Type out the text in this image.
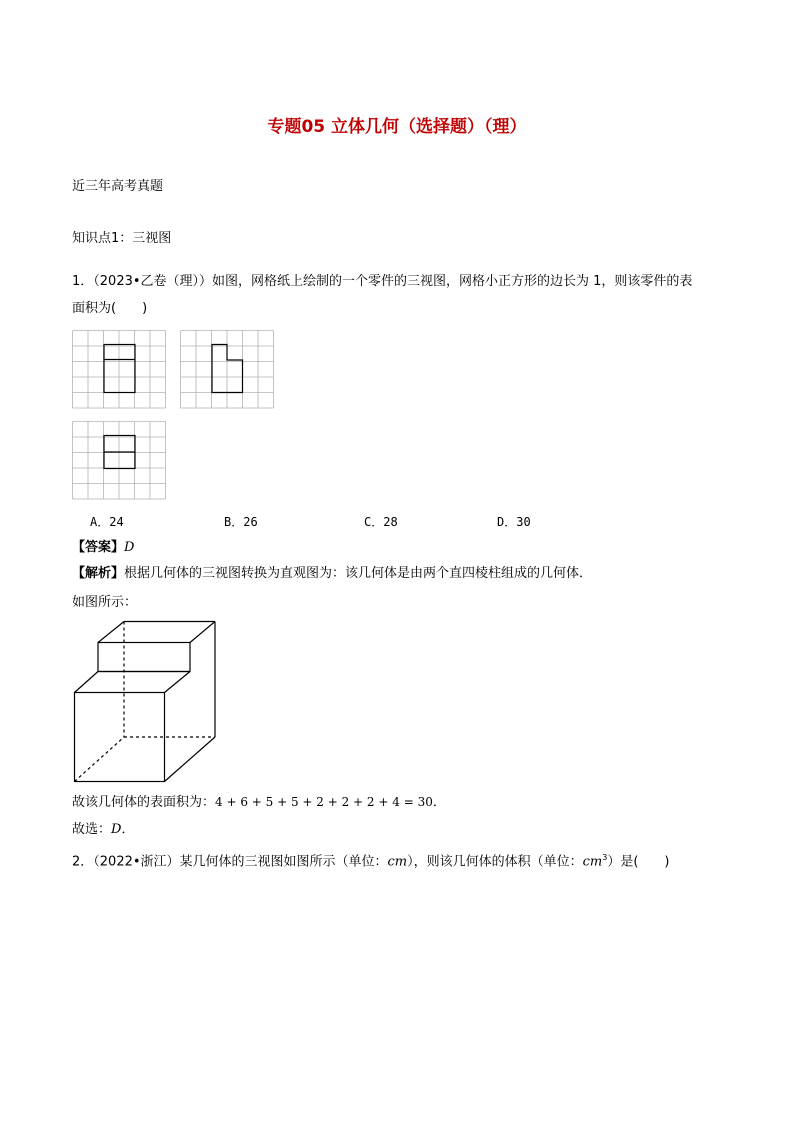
专题05 立体几何（选择题）（理）
近三年高考真题
知识点1：三视图
1．（2023•乙卷（理））如图，网格纸上绘制的一个零件的三视图，网格小正方形的边长为 1，则该零件的表
面积为(　　)
A．24	B．26	C．28	D．30
【答案】D
【解析】根据几何体的三视图转换为直观图为：该几何体是由两个直四棱柱组成的几何体．
如图所示：
故该几何体的表面积为：4 + 6 + 5 + 5 + 2 + 2 + 2 + 4 = 30．
故选：D．
2．（2022•浙江）某几何体的三视图如图所示（单位：cm），则该几何体的体积（单位：$cm^3$）是(　　)
